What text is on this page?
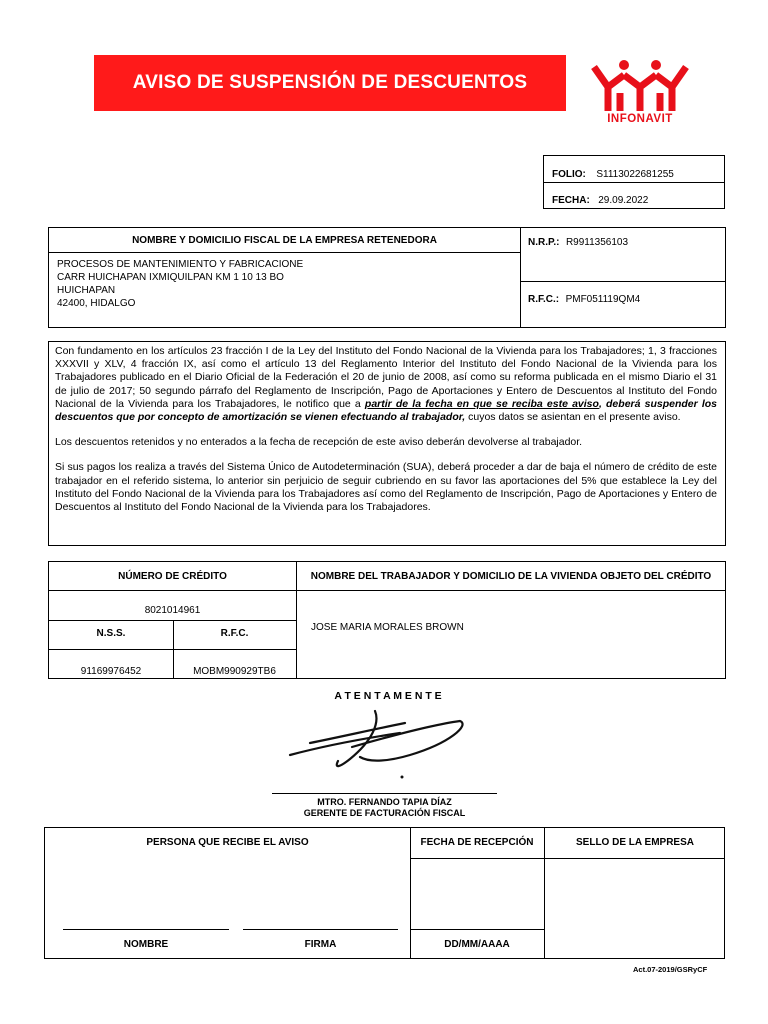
AVISO DE SUSPENSIÓN DE DESCUENTOS
INFONAVIT
FOLIO: S1113022681255
FECHA: 29.09.2022
NOMBRE Y DOMICILIO FISCAL DE LA EMPRESA RETENEDORA
PROCESOS DE MANTENIMIENTO Y FABRICACIONE
CARR HUICHAPAN IXMIQUILPAN KM 1 10 13 BO
HUICHAPAN
42400, HIDALGO
N.R.P.: R9911356103
R.F.C.: PMF051119QM4

Con fundamento en los artículos 23 fracción I de la Ley del Instituto del Fondo Nacional de la Vivienda para los Trabajadores; 1, 3 fracciones XXXVII y XLV, 4 fracción IX, así como el artículo 13 del Reglamento Interior del Instituto del Fondo Nacional de la Vivienda para los Trabajadores publicado en el Diario Oficial de la Federación el 20 de junio de 2008, así como su reforma publicada en el mismo Diario el 31 de julio de 2017; 50 segundo párrafo del Reglamento de Inscripción, Pago de Aportaciones y Entero de Descuentos al Instituto del Fondo Nacional de la Vivienda para los Trabajadores, le notifico que a partir de la fecha en que se reciba este aviso, deberá suspender los descuentos que por concepto de amortización se vienen efectuando al trabajador, cuyos datos se asientan en el presente aviso.

Los descuentos retenidos y no enterados a la fecha de recepción de este aviso deberán devolverse al trabajador.

Si sus pagos los realiza a través del Sistema Único de Autodeterminación (SUA), deberá proceder a dar de baja el número de crédito de este trabajador en el referido sistema, lo anterior sin perjuicio de seguir cubriendo en su favor las aportaciones del 5% que establece la Ley del Instituto del Fondo Nacional de la Vivienda para los Trabajadores así como del Reglamento de Inscripción, Pago de Aportaciones y Entero de Descuentos al Instituto del Fondo Nacional de la Vivienda para los Trabajadores.

NÚMERO DE CRÉDITO	NOMBRE DEL TRABAJADOR Y DOMICILIO DE LA VIVIENDA OBJETO DEL CRÉDITO
8021014961
N.S.S.	R.F.C.
91169976452	MOBM990929TB6
JOSE MARIA MORALES BROWN
A T E N T A M E N T E
MTRO. FERNANDO TAPIA DÍAZ
GERENTE DE FACTURACIÓN FISCAL
PERSONA QUE RECIBE EL AVISO	FECHA DE RECEPCIÓN	SELLO DE LA EMPRESA
NOMBRE	FIRMA	DD/MM/AAAA
Act.07-2019/GSRyCF
